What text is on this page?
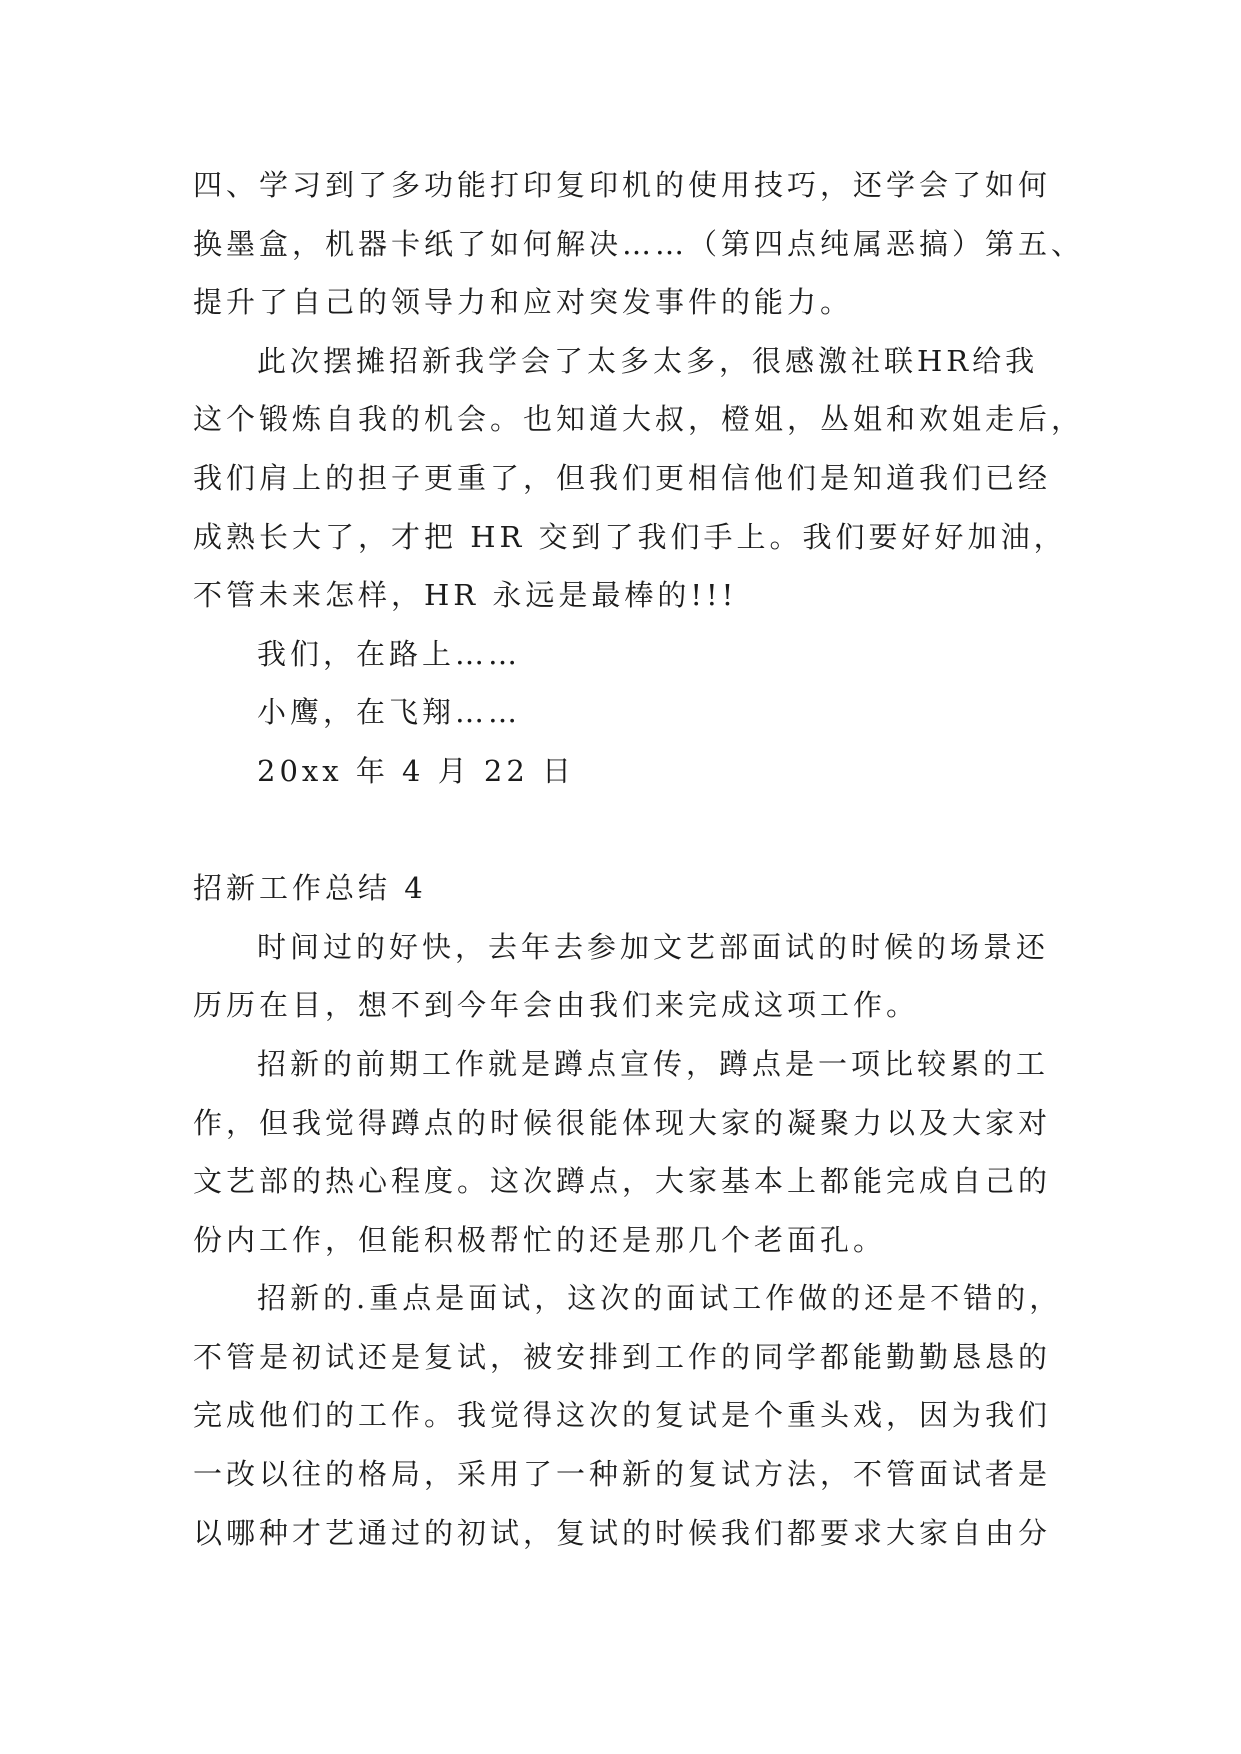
四、学习到了多功能打印复印机的使用技巧，还学会了如何
换墨盒，机器卡纸了如何解决……（第四点纯属恶搞）第五、
提升了自己的领导力和应对突发事件的能力。
此次摆摊招新我学会了太多太多，很感激社联HR给我
这个锻炼自我的机会。也知道大叔，橙姐，丛姐和欢姐走后，
我们肩上的担子更重了，但我们更相信他们是知道我们已经
成熟长大了，才把 HR 交到了我们手上。我们要好好加油，
不管未来怎样，HR 永远是最棒的!!!
我们，在路上……
小鹰，在飞翔……
20xx 年 4 月 22 日
招新工作总结 4
时间过的好快，去年去参加文艺部面试的时候的场景还
历历在目，想不到今年会由我们来完成这项工作。
招新的前期工作就是蹲点宣传，蹲点是一项比较累的工
作，但我觉得蹲点的时候很能体现大家的凝聚力以及大家对
文艺部的热心程度。这次蹲点，大家基本上都能完成自己的
份内工作，但能积极帮忙的还是那几个老面孔。
招新的.重点是面试，这次的面试工作做的还是不错的，
不管是初试还是复试，被安排到工作的同学都能勤勤恳恳的
完成他们的工作。我觉得这次的复试是个重头戏，因为我们
一改以往的格局，采用了一种新的复试方法，不管面试者是
以哪种才艺通过的初试，复试的时候我们都要求大家自由分
